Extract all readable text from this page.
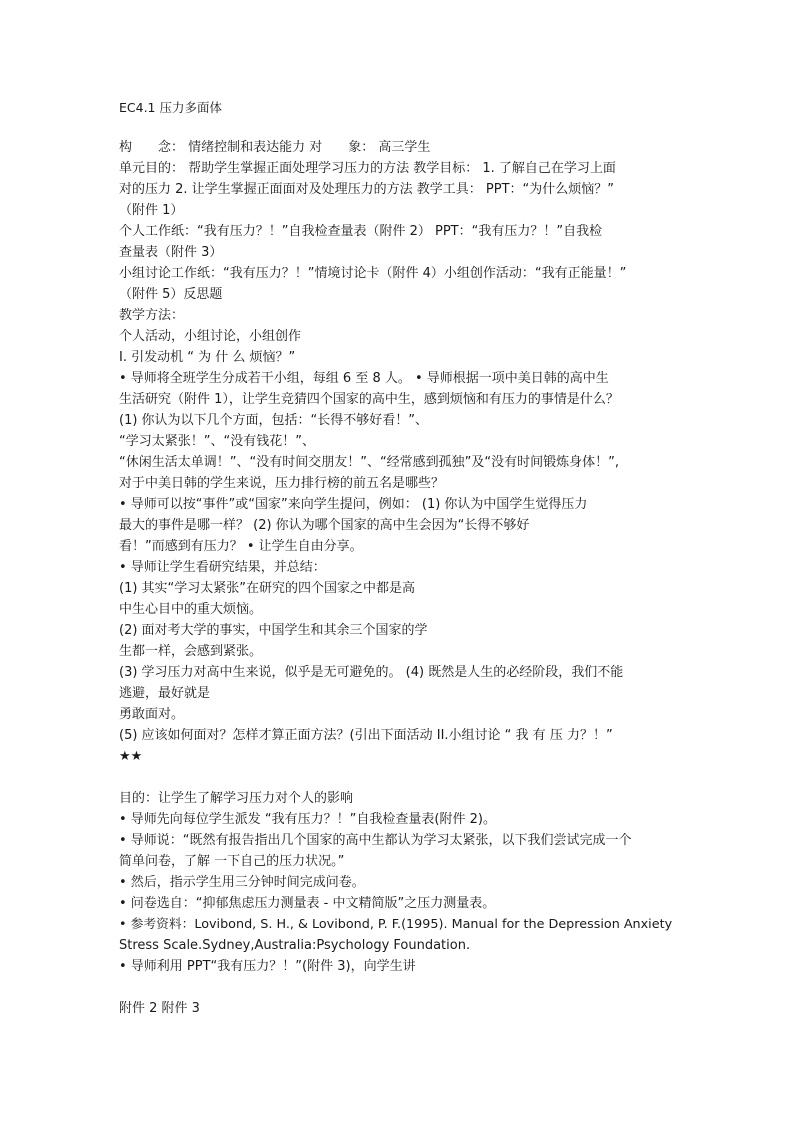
EC4.1 压力多面体

构　　念： 情绪控制和表达能力 对　　象： 高三学生

单元目的： 帮助学生掌握正面处理学习压力的方法 教学目标： 1. 了解自己在学习上面

对的压力 2. 让学生掌握正面面对及处理压力的方法 教学工具： PPT：“为什么烦恼？”

（附件 1）

个人工作纸：“我有压力？！”自我检查量表（附件 2） PPT：“我有压力？！”自我检

查量表（附件 3）

小组讨论工作纸：“我有压力？！”情境讨论卡（附件 4）小组创作活动：“我有正能量！”

（附件 5）反思题

教学方法：

个人活动，小组讨论，小组创作

I. 引发动机 “ 为 什 么 烦恼？”

• 导师将全班学生分成若干小组，每组 6 至 8 人。 • 导师根据一项中美日韩的高中生

生活研究（附件 1），让学生竞猜四个国家的高中生，感到烦恼和有压力的事情是什么？

(1) 你认为以下几个方面，包括：“长得不够好看！”、

“学习太紧张！”、“没有钱花！”、

“休闲生活太单调！”、“没有时间交朋友！”、“经常感到孤独”及“没有时间锻炼身体！”,

对于中美日韩的学生来说，压力排行榜的前五名是哪些？

• 导师可以按“事件”或“国家”来向学生提问，例如： (1) 你认为中国学生觉得压力

最大的事件是哪一样？ (2) 你认为哪个国家的高中生会因为“长得不够好

看！”而感到有压力？ • 让学生自由分享。

• 导师让学生看研究结果，并总结：

(1) 其实“学习太紧张”在研究的四个国家之中都是高

中生心目中的重大烦恼。

(2) 面对考大学的事实，中国学生和其余三个国家的学

生都一样，会感到紧张。

(3) 学习压力对高中生来说，似乎是无可避免的。 (4) 既然是人生的必经阶段，我们不能

逃避，最好就是

勇敢面对。

(5) 应该如何面对？怎样才算正面方法？(引出下面活动 II.小组讨论 “ 我 有 压 力？！”

★★

目的：让学生了解学习压力对个人的影响

• 导师先向每位学生派发 “我有压力？！”自我检查量表(附件 2)。

• 导师说：“既然有报告指出几个国家的高中生都认为学习太紧张，以下我们尝试完成一个

简单问卷，了解 一下自己的压力状况。”

• 然后，指示学生用三分钟时间完成问卷。

• 问卷选自：“抑郁焦虑压力测量表 - 中文精简版”之压力测量表。

• 参考资料：Lovibond, S. H., & Lovibond, P. F.(1995). Manual for the Depression Anxiety

Stress Scale.Sydney,Australia:Psychology Foundation.

• 导师利用 PPT“我有压力？！”(附件 3)，向学生讲

附件 2 附件 3
